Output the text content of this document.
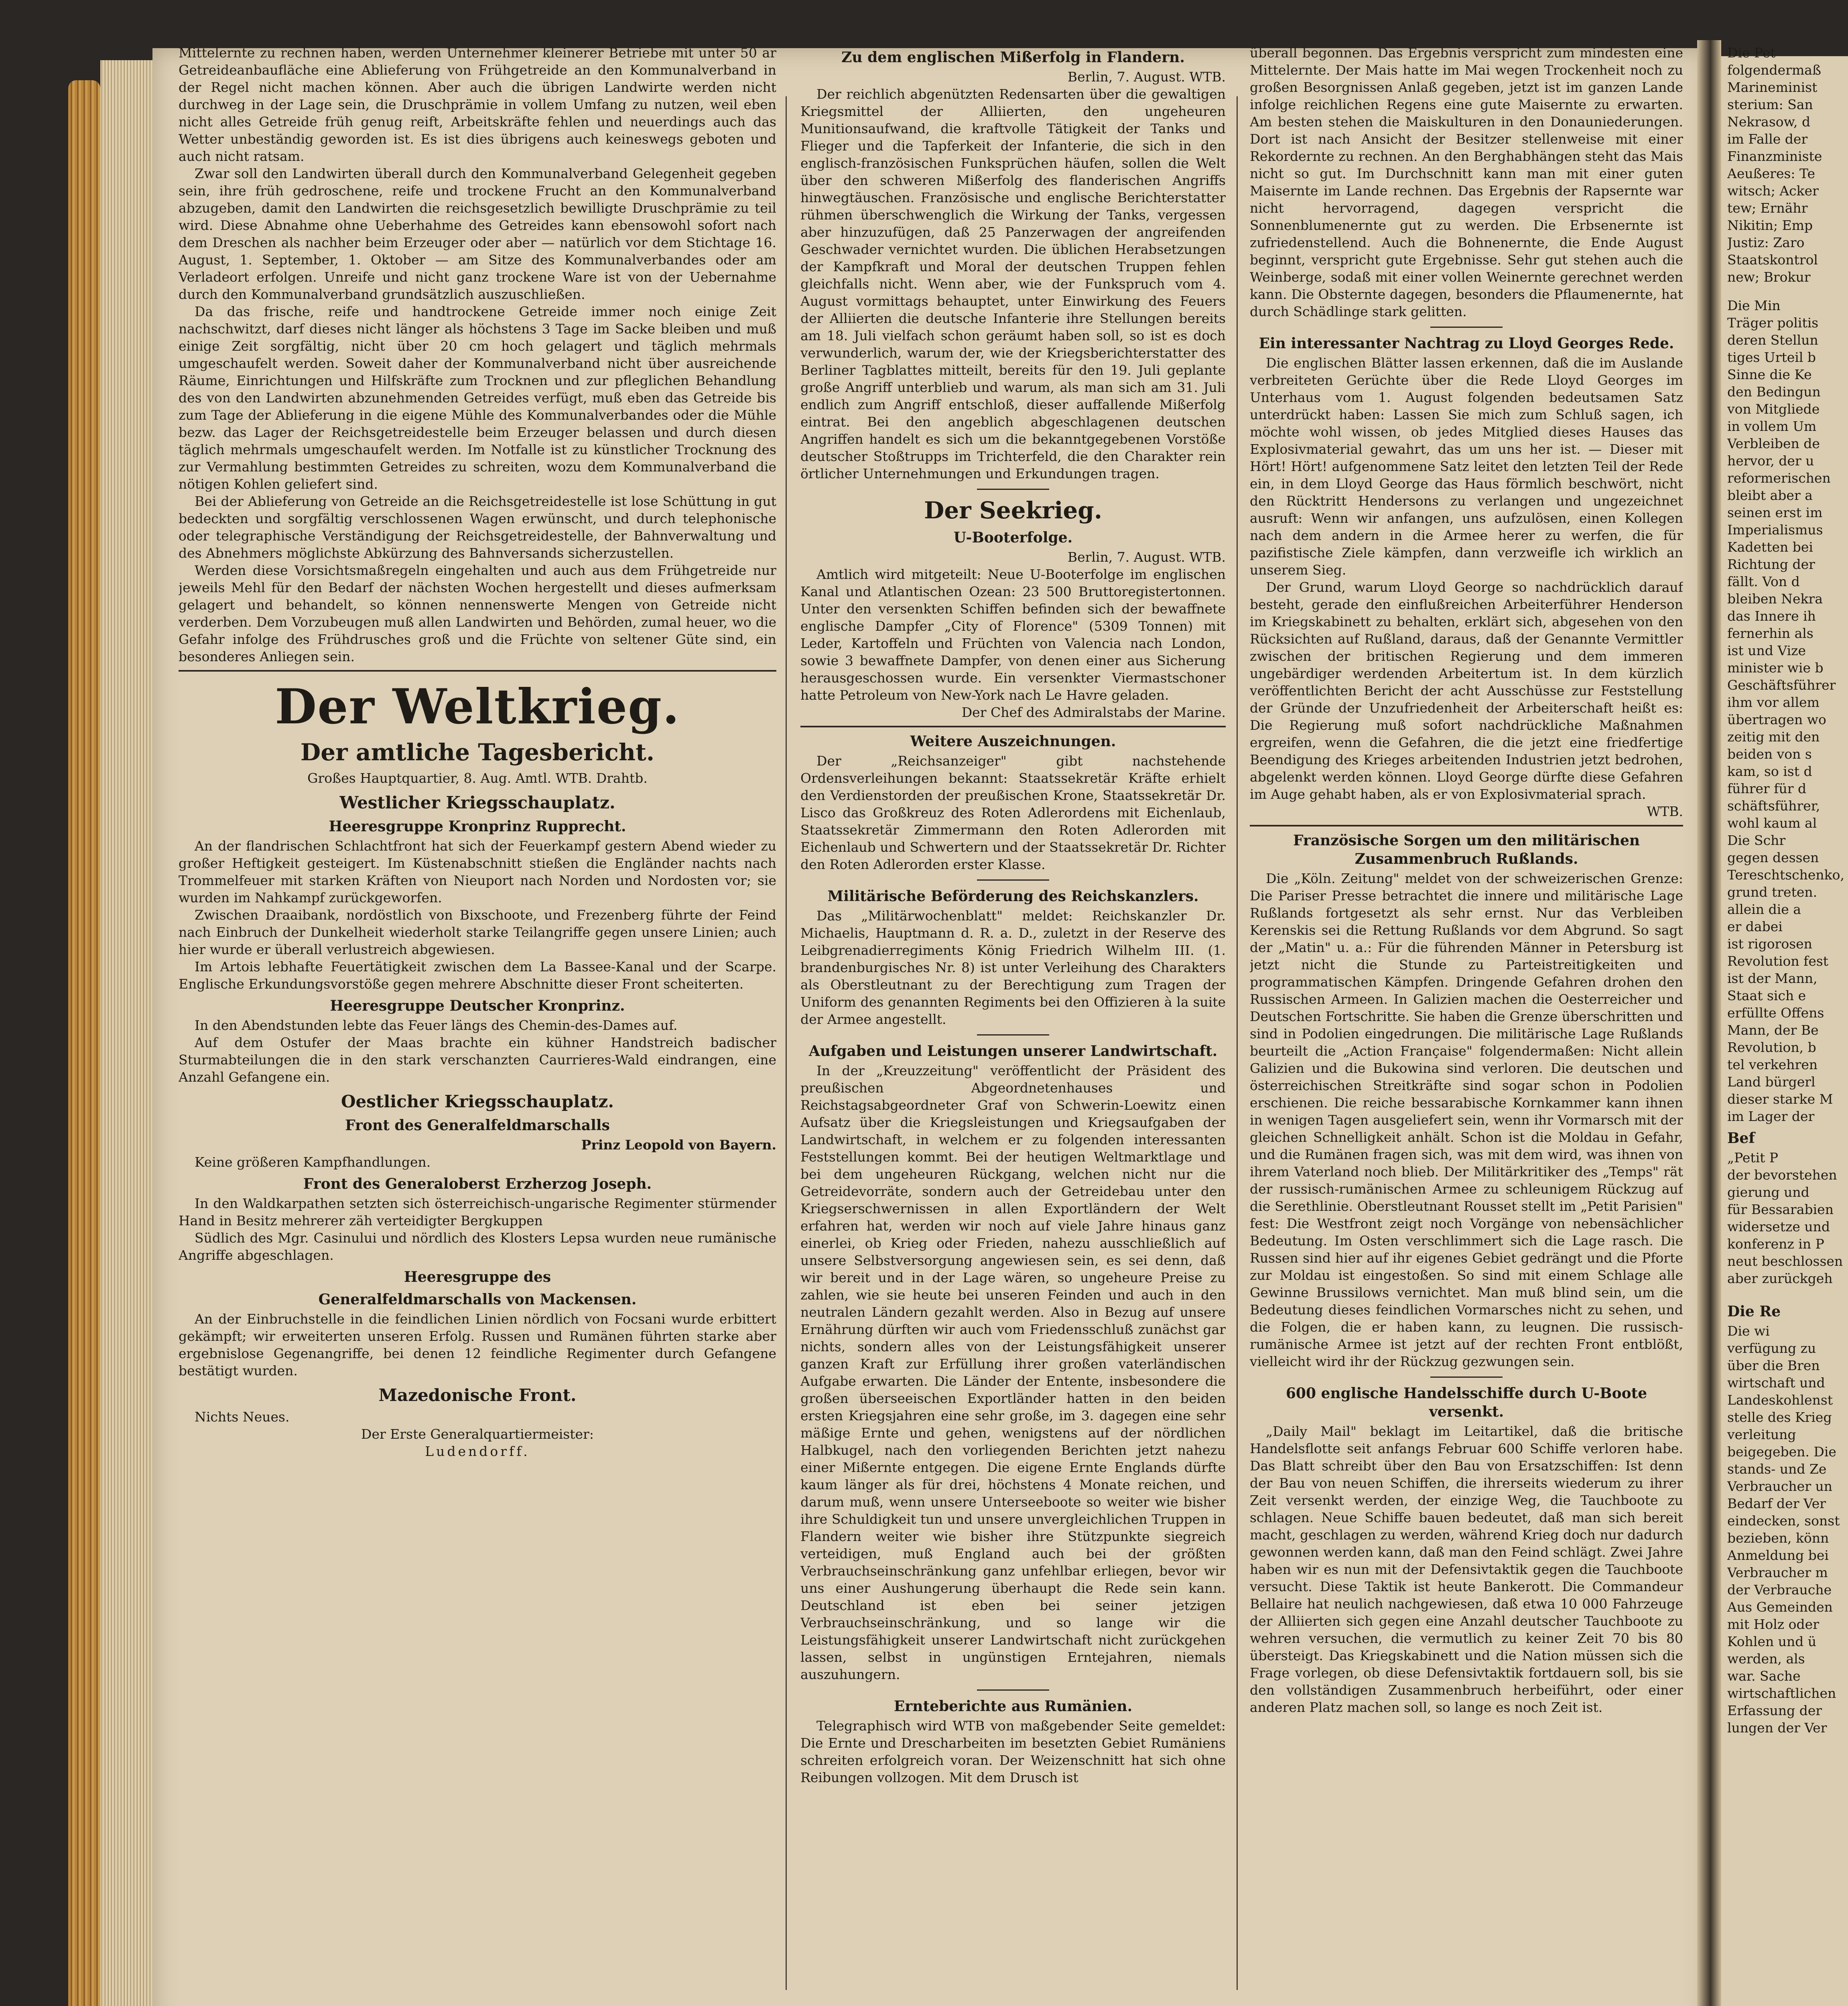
Mittelernte zu rechnen haben, werden Unternehmer kleinerer Betriebe mit unter 50 ar Getreideanbaufläche eine Ablieferung von Frühgetreide an den Kommunalverband in der Regel nicht machen können. Aber auch die übrigen Landwirte werden nicht durchweg in der Lage sein, die Druschprämie in vollem Umfang zu nutzen, weil eben nicht alles Getreide früh genug reift, Arbeitskräfte fehlen und neuerdings auch das Wetter unbeständig geworden ist. Es ist dies übrigens auch keineswegs geboten und auch nicht ratsam.

Zwar soll den Landwirten überall durch den Kommunalverband Gelegenheit gegeben sein, ihre früh gedroschene, reife und trockene Frucht an den Kommunalverband abzugeben, damit den Landwirten die reichsgesetzlich bewilligte Druschprämie zu teil wird. Diese Abnahme ohne Ueberhahme des Getreides kann ebensowohl sofort nach dem Dreschen als nachher beim Erzeuger oder aber — natürlich vor dem Stichtage 16. August, 1. September, 1. Oktober — am Sitze des Kommunalverbandes oder am Verladeort erfolgen. Unreife und nicht ganz trockene Ware ist von der Uebernahme durch den Kommunalverband grundsätzlich auszuschließen.

Da das frische, reife und handtrockene Getreide immer noch einige Zeit nachschwitzt, darf dieses nicht länger als höchstens 3 Tage im Sacke bleiben und muß einige Zeit sorgfältig, nicht über 20 cm hoch gelagert und täglich mehrmals umgeschaufelt werden. Soweit daher der Kommunalverband nicht über ausreichende Räume, Einrichtungen und Hilfskräfte zum Trocknen und zur pfleglichen Behandlung des von den Landwirten abzunehmenden Getreides verfügt, muß eben das Getreide bis zum Tage der Ablieferung in die eigene Mühle des Kommunalverbandes oder die Mühle bezw. das Lager der Reichsgetreidestelle beim Erzeuger belassen und durch diesen täglich mehrmals umgeschaufelt werden. Im Notfalle ist zu künstlicher Trocknung des zur Vermahlung bestimmten Getreides zu schreiten, wozu dem Kommunalverband die nötigen Kohlen geliefert sind.

Bei der Ablieferung von Getreide an die Reichsgetreidestelle ist lose Schüttung in gut bedeckten und sorgfältig verschlossenen Wagen erwünscht, und durch telephonische oder telegraphische Verständigung der Reichsgetreidestelle, der Bahnverwaltung und des Abnehmers möglichste Abkürzung des Bahnversands sicherzustellen.

Werden diese Vorsichtsmaßregeln eingehalten und auch aus dem Frühgetreide nur jeweils Mehl für den Bedarf der nächsten Wochen hergestellt und dieses aufmerksam gelagert und behandelt, so können nennenswerte Mengen von Getreide nicht verderben. Dem Vorzubeugen muß allen Landwirten und Behörden, zumal heuer, wo die Gefahr infolge des Frühdrusches groß und die Früchte von seltener Güte sind, ein besonderes Anliegen sein.

Der Weltkrieg.
Der amtliche Tagesbericht.

Großes Hauptquartier, 8. Aug. Amtl. WTB. Drahtb.

Westlicher Kriegsschauplatz.
Heeresgruppe Kronprinz Rupprecht.

An der flandrischen Schlachtfront hat sich der Feuerkampf gestern Abend wieder zu großer Heftigkeit gesteigert. Im Küstenabschnitt stießen die Engländer nachts nach Trommelfeuer mit starken Kräften von Nieuport nach Norden und Nordosten vor; sie wurden im Nahkampf zurückgeworfen.

Zwischen Draaibank, nordöstlich von Bixschoote, und Frezenberg führte der Feind nach Einbruch der Dunkelheit wiederholt starke Teilangriffe gegen unsere Linien; auch hier wurde er überall verlustreich abgewiesen.

Im Artois lebhafte Feuertätigkeit zwischen dem La Bassee-Kanal und der Scarpe. Englische Erkundungsvorstöße gegen mehrere Abschnitte dieser Front scheiterten.

Heeresgruppe Deutscher Kronprinz.

In den Abendstunden lebte das Feuer längs des Chemin-des-Dames auf.

Auf dem Ostufer der Maas brachte ein kühner Handstreich badischer Sturmabteilungen die in den stark verschanzten Caurrieres-Wald eindrangen, eine Anzahl Gefangene ein.

Oestlicher Kriegsschauplatz.
Front des Generalfeldmarschalls

Prinz Leopold von Bayern.

Keine größeren Kampfhandlungen.

Front des Generaloberst Erzherzog Joseph.

In den Waldkarpathen setzten sich österreichisch-ungarische Regimenter stürmender Hand in Besitz mehrerer zäh verteidigter Bergkuppen

Südlich des Mgr. Casinului und nördlich des Klosters Lepsa wurden neue rumänische Angriffe abgeschlagen.

Heeresgruppe des
Generalfeldmarschalls von Mackensen.

An der Einbruchstelle in die feindlichen Linien nördlich von Focsani wurde erbittert gekämpft; wir erweiterten unseren Erfolg. Russen und Rumänen führten starke aber ergebnislose Gegenangriffe, bei denen 12 feindliche Regimenter durch Gefangene bestätigt wurden.

Mazedonische Front.

Nichts Neues.

Der Erste Generalquartiermeister:

Ludendorff.

Zu dem englischen Mißerfolg in Flandern.

Berlin, 7. August. WTB.

Der reichlich abgenützten Redensarten über die gewaltigen Kriegsmittel der Alliierten, den ungeheuren Munitionsaufwand, die kraftvolle Tätigkeit der Tanks und Flieger und die Tapferkeit der Infanterie, die sich in den englisch-französischen Funksprüchen häufen, sollen die Welt über den schweren Mißerfolg des flanderischen Angriffs hinwegtäuschen. Französische und englische Berichterstatter rühmen überschwenglich die Wirkung der Tanks, vergessen aber hinzuzufügen, daß 25 Panzerwagen der angreifenden Geschwader vernichtet wurden. Die üblichen Herabsetzungen der Kampfkraft und Moral der deutschen Truppen fehlen gleichfalls nicht. Wenn aber, wie der Funkspruch vom 4. August vormittags behauptet, unter Einwirkung des Feuers der Alliierten die deutsche Infanterie ihre Stellungen bereits am 18. Juli vielfach schon geräumt haben soll, so ist es doch verwunderlich, warum der, wie der Kriegsberichterstatter des Berliner Tagblattes mitteilt, bereits für den 19. Juli geplante große Angriff unterblieb und warum, als man sich am 31. Juli endlich zum Angriff entschloß, dieser auffallende Mißerfolg eintrat. Bei den angeblich abgeschlagenen deutschen Angriffen handelt es sich um die bekanntgegebenen Vorstöße deutscher Stoßtrupps im Trichterfeld, die den Charakter rein örtlicher Unternehmungen und Erkundungen tragen.

Der Seekrieg.
U-Booterfolge.

Berlin, 7. August. WTB.

Amtlich wird mitgeteilt: Neue U-Booterfolge im englischen Kanal und Atlantischen Ozean: 23 500 Bruttoregistertonnen. Unter den versenkten Schiffen befinden sich der bewaffnete englische Dampfer „City of Florence" (5309 Tonnen) mit Leder, Kartoffeln und Früchten von Valencia nach London, sowie 3 bewaffnete Dampfer, von denen einer aus Sicherung herausgeschossen wurde. Ein versenkter Viermastschoner hatte Petroleum von New-York nach Le Havre geladen.

Der Chef des Admiralstabs der Marine.

Weitere Auszeichnungen.

Der „Reichsanzeiger" gibt nachstehende Ordensverleihungen bekannt: Staatssekretär Kräfte erhielt den Verdienstorden der preußischen Krone, Staatssekretär Dr. Lisco das Großkreuz des Roten Adlerordens mit Eichenlaub, Staatssekretär Zimmermann den Roten Adlerorden mit Eichenlaub und Schwertern und der Staatssekretär Dr. Richter den Roten Adlerorden erster Klasse.

Militärische Beförderung des Reichskanzlers.

Das „Militärwochenblatt" meldet: Reichskanzler Dr. Michaelis, Hauptmann d. R. a. D., zuletzt in der Reserve des Leibgrenadierregiments König Friedrich Wilhelm III. (1. brandenburgisches Nr. 8) ist unter Verleihung des Charakters als Oberstleutnant zu der Berechtigung zum Tragen der Uniform des genannten Regiments bei den Offizieren à la suite der Armee angestellt.

Aufgaben und Leistungen unserer Landwirtschaft.

In der „Kreuzzeitung" veröffentlicht der Präsident des preußischen Abgeordnetenhauses und Reichstagsabgeordneter Graf von Schwerin-Loewitz einen Aufsatz über die Kriegsleistungen und Kriegsaufgaben der Landwirtschaft, in welchem er zu folgenden interessanten Feststellungen kommt. Bei der heutigen Weltmarktlage und bei dem ungeheuren Rückgang, welchen nicht nur die Getreidevorräte, sondern auch der Getreidebau unter den Kriegserschwernissen in allen Exportländern der Welt erfahren hat, werden wir noch auf viele Jahre hinaus ganz einerlei, ob Krieg oder Frieden, nahezu ausschließlich auf unsere Selbstversorgung angewiesen sein, es sei denn, daß wir bereit und in der Lage wären, so ungeheure Preise zu zahlen, wie sie heute bei unseren Feinden und auch in den neutralen Ländern gezahlt werden. Also in Bezug auf unsere Ernährung dürften wir auch vom Friedensschluß zunächst gar nichts, sondern alles von der Leistungsfähigkeit unserer ganzen Kraft zur Erfüllung ihrer großen vaterländischen Aufgabe erwarten. Die Länder der Entente, insbesondere die großen überseeischen Exportländer hatten in den beiden ersten Kriegsjahren eine sehr große, im 3. dagegen eine sehr mäßige Ernte und gehen, wenigstens auf der nördlichen Halbkugel, nach den vorliegenden Berichten jetzt nahezu einer Mißernte entgegen. Die eigene Ernte Englands dürfte kaum länger als für drei, höchstens 4 Monate reichen, und darum muß, wenn unsere Unterseeboote so weiter wie bisher ihre Schuldigkeit tun und unsere unvergleichlichen Truppen in Flandern weiter wie bisher ihre Stützpunkte siegreich verteidigen, muß England auch bei der größten Verbrauchseinschränkung ganz unfehlbar erliegen, bevor wir uns einer Aushungerung überhaupt die Rede sein kann. Deutschland ist eben bei seiner jetzigen Verbrauchseinschränkung, und so lange wir die Leistungsfähigkeit unserer Landwirtschaft nicht zurückgehen lassen, selbst in ungünstigen Erntejahren, niemals auszuhungern.

Ernteberichte aus Rumänien.

Telegraphisch wird WTB von maßgebender Seite gemeldet: Die Ernte und Drescharbeiten im besetzten Gebiet Rumäniens schreiten erfolgreich voran. Der Weizenschnitt hat sich ohne Reibungen vollzogen. Mit dem Drusch ist

überall begonnen. Das Ergebnis verspricht zum mindesten eine Mittelernte. Der Mais hatte im Mai wegen Trockenheit noch zu großen Besorgnissen Anlaß gegeben, jetzt ist im ganzen Lande infolge reichlichen Regens eine gute Maisernte zu erwarten. Am besten stehen die Maiskulturen in den Donauniederungen. Dort ist nach Ansicht der Besitzer stellenweise mit einer Rekordernte zu rechnen. An den Berghabhängen steht das Mais nicht so gut. Im Durchschnitt kann man mit einer guten Maisernte im Lande rechnen. Das Ergebnis der Rapsernte war nicht hervorragend, dagegen verspricht die Sonnenblumenernte gut zu werden. Die Erbsenernte ist zufriedenstellend. Auch die Bohnenernte, die Ende August beginnt, verspricht gute Ergebnisse. Sehr gut stehen auch die Weinberge, sodaß mit einer vollen Weinernte gerechnet werden kann. Die Obsternte dagegen, besonders die Pflaumenernte, hat durch Schädlinge stark gelitten.

Ein interessanter Nachtrag zu Lloyd Georges Rede.

Die englischen Blätter lassen erkennen, daß die im Auslande verbreiteten Gerüchte über die Rede Lloyd Georges im Unterhaus vom 1. August folgenden bedeutsamen Satz unterdrückt haben: Lassen Sie mich zum Schluß sagen, ich möchte wohl wissen, ob jedes Mitglied dieses Hauses das Explosivmaterial gewahrt, das um uns her ist. — Dieser mit Hört! Hört! aufgenommene Satz leitet den letzten Teil der Rede ein, in dem Lloyd George das Haus förmlich beschwört, nicht den Rücktritt Hendersons zu verlangen und ungezeichnet ausruft: Wenn wir anfangen, uns aufzulösen, einen Kollegen nach dem andern in die Armee herer zu werfen, die für pazifistische Ziele kämpfen, dann verzweifle ich wirklich an unserem Sieg.

Der Grund, warum Lloyd George so nachdrücklich darauf besteht, gerade den einflußreichen Arbeiterführer Henderson im Kriegskabinett zu behalten, erklärt sich, abgesehen von den Rücksichten auf Rußland, daraus, daß der Genannte Vermittler zwischen der britischen Regierung und dem immeren ungebärdiger werdenden Arbeitertum ist. In dem kürzlich veröffentlichten Bericht der acht Ausschüsse zur Feststellung der Gründe der Unzufriedenheit der Arbeiterschaft heißt es: Die Regierung muß sofort nachdrückliche Maßnahmen ergreifen, wenn die Gefahren, die die jetzt eine friedfertige Beendigung des Krieges arbeitenden Industrien jetzt bedrohen, abgelenkt werden können. Lloyd George dürfte diese Gefahren im Auge gehabt haben, als er von Explosivmaterial sprach.

WTB.

Französische Sorgen um den militärischen Zusammenbruch Rußlands.

Die „Köln. Zeitung" meldet von der schweizerischen Grenze: Die Pariser Presse betrachtet die innere und militärische Lage Rußlands fortgesetzt als sehr ernst. Nur das Verbleiben Kerenskis sei die Rettung Rußlands vor dem Abgrund. So sagt der „Matin" u. a.: Für die führenden Männer in Petersburg ist jetzt nicht die Stunde zu Parteistreitigkeiten und programmatischen Kämpfen. Dringende Gefahren drohen den Russischen Armeen. In Galizien machen die Oesterreicher und Deutschen Fortschritte. Sie haben die Grenze überschritten und sind in Podolien eingedrungen. Die militärische Lage Rußlands beurteilt die „Action Française" folgendermaßen: Nicht allein Galizien und die Bukowina sind verloren. Die deutschen und österreichischen Streitkräfte sind sogar schon in Podolien erschienen. Die reiche bessarabische Kornkammer kann ihnen in wenigen Tagen ausgeliefert sein, wenn ihr Vormarsch mit der gleichen Schnelligkeit anhält. Schon ist die Moldau in Gefahr, und die Rumänen fragen sich, was mit dem wird, was ihnen von ihrem Vaterland noch blieb. Der Militärkritiker des „Temps" rät der russisch-rumänischen Armee zu schleunigem Rückzug auf die Serethlinie. Oberstleutnant Rousset stellt im „Petit Parisien" fest: Die Westfront zeigt noch Vorgänge von nebensächlicher Bedeutung. Im Osten verschlimmert sich die Lage rasch. Die Russen sind hier auf ihr eigenes Gebiet gedrängt und die Pforte zur Moldau ist eingestoßen. So sind mit einem Schlage alle Gewinne Brussilows vernichtet. Man muß blind sein, um die Bedeutung dieses feindlichen Vormarsches nicht zu sehen, und die Folgen, die er haben kann, zu leugnen. Die russisch-rumänische Armee ist jetzt auf der rechten Front entblößt, vielleicht wird ihr der Rückzug gezwungen sein.

600 englische Handelsschiffe durch U-Boote versenkt.

„Daily Mail" beklagt im Leitartikel, daß die britische Handelsflotte seit anfangs Februar 600 Schiffe verloren habe. Das Blatt schreibt über den Bau von Ersatzschiffen: Ist denn der Bau von neuen Schiffen, die ihrerseits wiederum zu ihrer Zeit versenkt werden, der einzige Weg, die Tauchboote zu schlagen. Neue Schiffe bauen bedeutet, daß man sich bereit macht, geschlagen zu werden, während Krieg doch nur dadurch gewonnen werden kann, daß man den Feind schlägt. Zwei Jahre haben wir es nun mit der Defensivtaktik gegen die Tauchboote versucht. Diese Taktik ist heute Bankerott. Die Commandeur Bellaire hat neulich nachgewiesen, daß etwa 10 000 Fahrzeuge der Alliierten sich gegen eine Anzahl deutscher Tauchboote zu wehren versuchen, die vermutlich zu keiner Zeit 70 bis 80 übersteigt. Das Kriegskabinett und die Nation müssen sich die Frage vorlegen, ob diese Defensivtaktik fortdauern soll, bis sie den vollständigen Zusammenbruch herbeiführt, oder einer anderen Platz machen soll, so lange es noch Zeit ist.

Die Pet

folgendermaß

Marineminist

sterium: San

Nekrasow, d

im Falle der

Finanzministe

Aeußeres: Te

witsch; Acker

tew; Ernähr

Nikitin; Emp

Justiz: Zaro

Staatskontrol

new; Brokur

Die Min

Träger politis

deren Stellun

tiges Urteil b

Sinne die Ke

den Bedingun

von Mitgliede

in vollem Um

Verbleiben de

hervor, der u

reformerischen

bleibt aber a

seinen erst im

Imperialismus

Kadetten bei

Richtung der

fällt. Von d

bleiben Nekra

das Innere ih

fernerhin als

ist und Vize

minister wie b

Geschäftsführer

ihm vor allem

übertragen wo

zeitig mit den

beiden von s

kam, so ist d

führer für d

schäftsführer,

wohl kaum al

Die Schr

gegen dessen

Tereschtschenko,

grund treten.

allein die a

er dabei

ist rigorosen

Revolution fest

ist der Mann,

Staat sich e

erfüllte Offens

Mann, der Be

Revolution, b

tel verkehren

Land bürgerl

dieser starke M

im Lager der

Bef

„Petit P

der bevorstehen

gierung und

für Bessarabien

widersetze und

konferenz in P

neut beschlossen

aber zurückgeh

Die Re

Die wi

verfügung zu

über die Bren

wirtschaft und

Landeskohlenst

stelle des Krieg

verleitung

beigegeben. Die

stands- und Ze

Verbraucher un

Bedarf der Ver

eindecken, sonst

bezieben, könn

Anmeldung bei

Verbraucher m

der Verbrauche

Aus Gemeinden

mit Holz oder

Kohlen und ü

werden, als

war. Sache

wirtschaftlichen

Erfassung der

lungen der Ver
